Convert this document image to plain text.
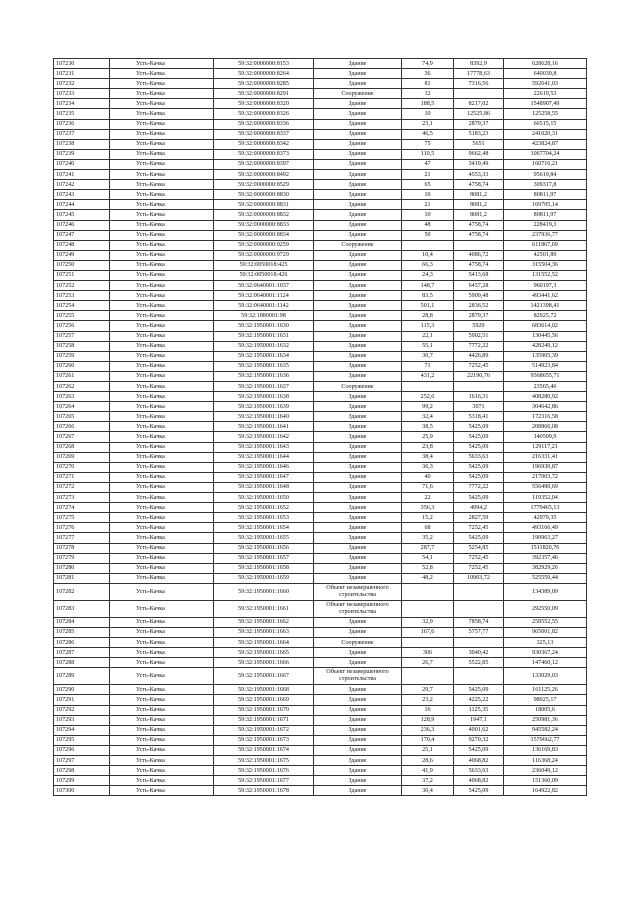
107230	Усть-Качка	59:32:0000000:8153	Здание	74,9	8392,9	628628,16
107231	Усть-Качка	59:32:0000000:8264	Здание	36	17778,63	640030,8
107232	Усть-Качка	59:32:0000000:8285	Здание	81	7316,56	592641,03
107233	Усть-Качка	59:32:0000000:8291	Сооружение	12		22619,53
107234	Усть-Качка	59:32:0000000:8320	Здание	188,5	8217,02	1548907,49
107235	Усть-Качка	59:32:0000000:8326	Здание	10	12525,86	125258,55
107236	Усть-Качка	59:32:0000000:8336	Здание	23,1	2879,37	66515,15
107237	Усть-Качка	59:32:0000000:8337	Здание	46,5	5183,23	241020,31
107238	Усть-Качка	59:32:0000000:8342	Здание	75	5651	423824,87
107239	Усть-Качка	59:32:0000000:8373	Здание	110,5	9662,48	1067704,24
107240	Усть-Качка	59:32:0000000:8397	Здание	47	3419,49	160716,21
107241	Усть-Качка	59:32:0000000:8492	Здание	21	4553,33	95619,84
107242	Усть-Качка	59:32:0000000:8529	Здание	65	4758,74	309317,8
107243	Усть-Качка	59:32:0000000:8830	Здание	10	8081,2	80811,97
107244	Усть-Качка	59:32:0000000:8831	Здание	21	8081,2	169705,14
107245	Усть-Качка	59:32:0000000:8832	Здание	10	8081,2	80811,97
107246	Усть-Качка	59:32:0000000:8833	Здание	48	4758,74	228419,3
107247	Усть-Качка	59:32:0000000:8834	Здание	50	4758,74	237936,77
107248	Усть-Качка	59:32:0000000:9259	Сооружение			611867,69
107249	Усть-Качка	59:32:0000000:9729	Здание	10,4	4086,72	42501,89
107250	Усть-Качка	59:32:0050018:425	Здание	66,3	4758,74	315504,36
107251	Усть-Качка	59:32:0050018:426	Здание	24,3	5413,68	131552,52
107252	Усть-Качка	59:32:0640001:1037	Здание	148,7	6457,28	960197,3
107253	Усть-Качка	59:32:0640001:1124	Здание	83,5	5909,48	493441,62
107254	Усть-Качка	59:32:0640001:1142	Здание	501,1	2836,52	1421398,41
107255	Усть-Качка	59:32:1880001:98	Здание	28,8	2879,37	82925,72
107256	Усть-Качка	59:32:1950001:1630	Здание	115,3	5929	683614,02
107257	Усть-Качка	59:32:1950001:1631	Здание	22,1	5902,51	130445,56
107258	Усть-Качка	59:32:1950001:1632	Здание	55,1	7772,22	428249,12
107259	Усть-Качка	59:32:1950001:1634	Здание	30,7	4426,89	135905,39
107260	Усть-Качка	59:32:1950001:1635	Здание	71	7252,45	514923,84
107261	Усть-Качка	59:32:1950001:1636	Здание	431,2	22190,76	9568655,71
107262	Усть-Качка	59:32:1950001:1637	Сооружение			23565,46
107263	Усть-Качка	59:32:1950001:1638	Здание	252,6	1616,31	408280,92
107264	Усть-Качка	59:32:1950001:1639	Здание	99,2	3071	304642,86
107265	Усть-Качка	59:32:1950001:1640	Здание	32,4	5318,41	172316,58
107266	Усть-Качка	59:32:1950001:1641	Здание	38,5	5425,09	208866,08
107267	Усть-Качка	59:32:1950001:1642	Здание	25,9	5425,09	140509,9
107268	Усть-Качка	59:32:1950001:1643	Здание	23,8	5425,09	129117,21
107269	Усть-Качка	59:32:1950001:1644	Здание	38,4	5633,63	216331,41
107270	Усть-Качка	59:32:1950001:1646	Здание	36,3	5425,09	196930,87
107271	Усть-Качка	59:32:1950001:1647	Здание	40	5425,09	217003,72
107272	Усть-Качка	59:32:1950001:1648	Здание	71,6	7772,22	556490,69
107273	Усть-Качка	59:32:1950001:1650	Здание	22	5425,09	119352,04
107274	Усть-Качка	59:32:1950001:1652	Здание	356,3	4994,2	1779465,13
107275	Усть-Качка	59:32:1950001:1653	Здание	15,2	2827,59	42979,35
107276	Усть-Качка	59:32:1950001:1654	Здание	68	7252,45	493166,49
107277	Усть-Качка	59:32:1950001:1655	Здание	35,2	5425,09	190963,27
107278	Усть-Качка	59:32:1950001:1656	Здание	287,7	5254,85	1511820,76
107279	Усть-Качка	59:32:1950001:1657	Здание	54,1	7252,45	392357,46
107280	Усть-Качка	59:32:1950001:1658	Здание	52,8	7252,45	382929,26
107281	Усть-Качка	59:32:1950001:1659	Здание	48,2	10903,72	525559,44
107282	Усть-Качка	59:32:1950001:1660	Объект незавершенного строительства			134389,09
107283	Усть-Качка	59:32:1950001:1661	Объект незавершенного строительства			292550,09
107284	Усть-Качка	59:32:1950001:1662	Здание	32,9	7858,74	258552,55
107285	Усть-Качка	59:32:1950001:1663	Здание	167,6	5757,77	965001,82
107286	Усть-Качка	59:32:1950001:1664	Сооружение			325,13
107287	Усть-Качка	59:32:1950001:1665	Здание	306	3040,42	930367,24
107288	Усть-Качка	59:32:1950001:1666	Здание	26,7	5522,85	147460,12
107289	Усть-Качка	59:32:1950001:1667	Объект незавершенного строительства			133029,03
107290	Усть-Качка	59:32:1950001:1668	Здание	29,7	5425,09	161125,26
107291	Усть-Качка	59:32:1950001:1669	Здание	23,2	4225,22	98025,17
107292	Усть-Качка	59:32:1950001:1670	Здание	16	1125,35	18005,6
107293	Усть-Качка	59:32:1950001:1671	Здание	128,9	1947,1	250981,36
107294	Усть-Качка	59:32:1950001:1672	Здание	236,3	4001,62	945582,24
107295	Усть-Качка	59:32:1950001:1673	Здание	170,4	9270,32	1579662,77
107296	Усть-Качка	59:32:1950001:1674	Здание	25,1	5425,09	136169,83
107297	Усть-Качка	59:32:1950001:1675	Здание	28,6	4068,82	116368,24
107298	Усть-Качка	59:32:1950001:1676	Здание	41,9	5633,63	236049,12
107299	Усть-Качка	59:32:1950001:1677	Здание	37,2	4068,82	151360,09
107300	Усть-Качка	59:32:1950001:1678	Здание	30,4	5425,09	164922,82
